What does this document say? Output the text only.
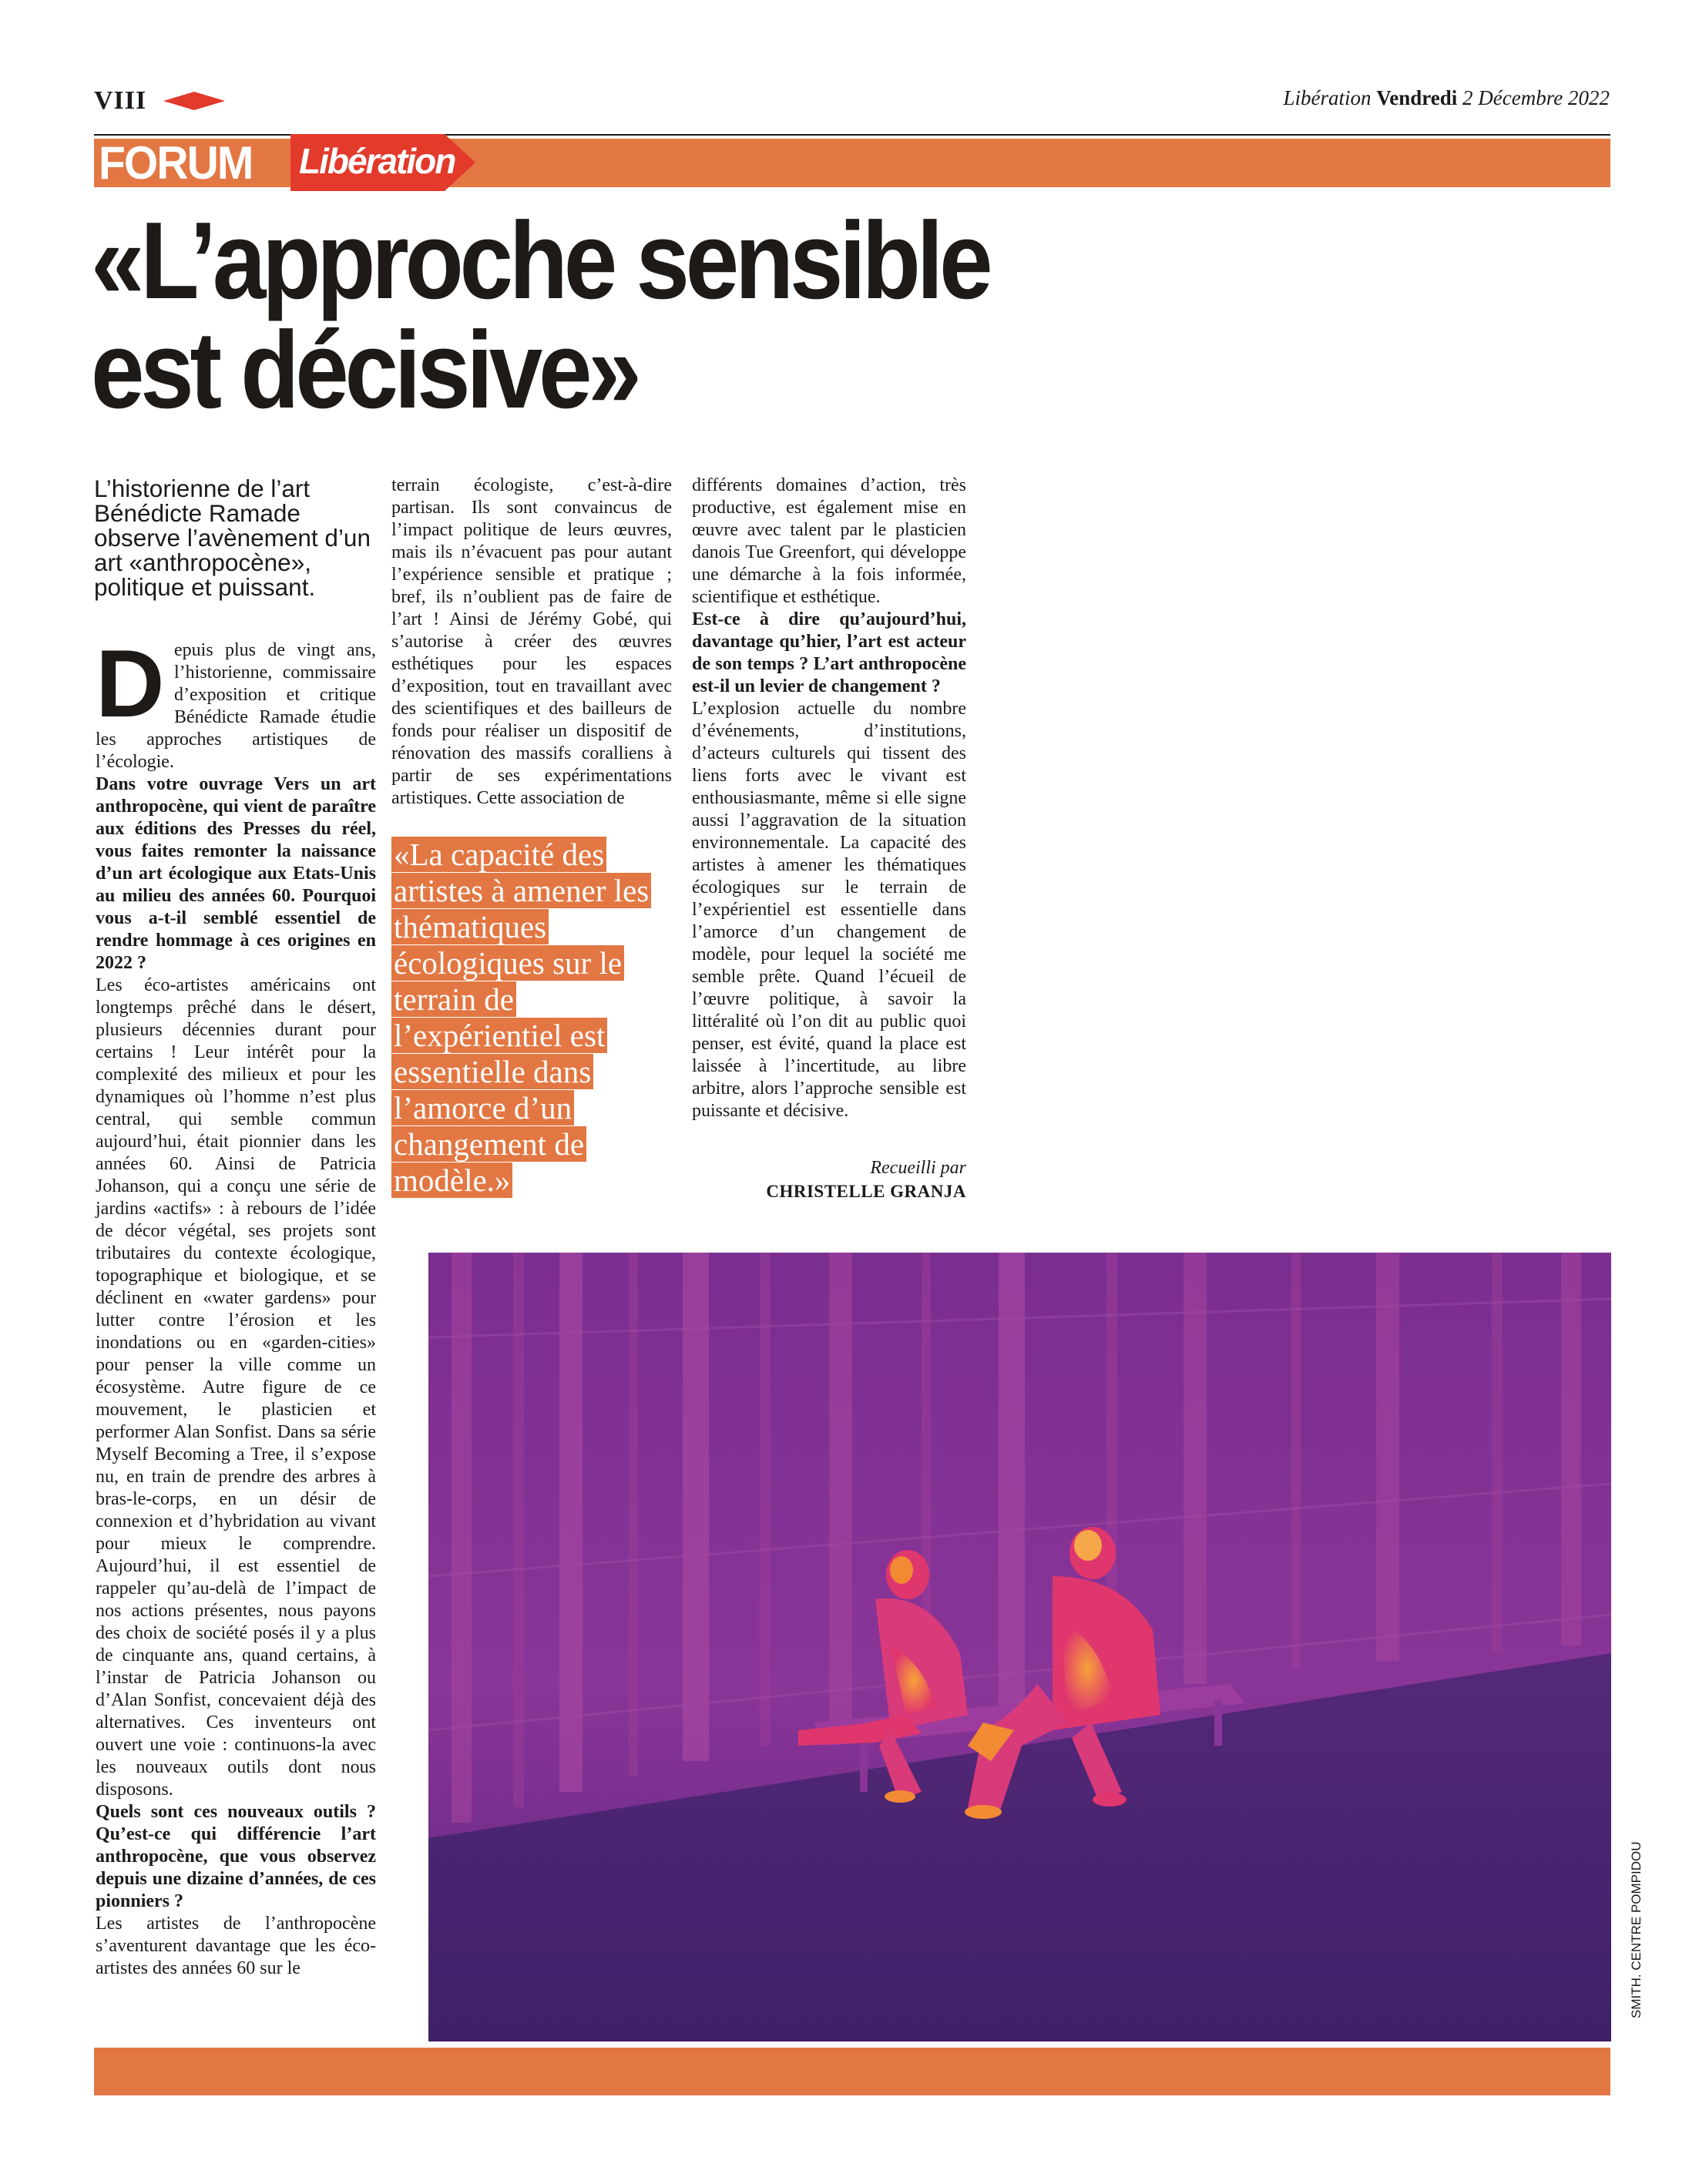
VIII	Libération Vendredi 2 Décembre 2022
FORUM Libération
«L’approche sensible
est décisive»

L’historienne de l’art Bénédicte Ramade observe l’avènement d’un art «anthropocène», politique et puissant.

D epuis plus de vingt ans, l’historienne, commissaire d’exposition et critique Bénédicte Ramade étudie les approches artistiques de l’écologie.

Dans votre ouvrage Vers un art anthropocène, qui vient de paraître aux éditions des Presses du réel, vous faites remonter la naissance d’un art écologique aux Etats-Unis au milieu des années 60. Pourquoi vous a-t-il semblé essentiel de rendre hommage à ces origines en 2022 ?

Les éco-artistes américains ont longtemps prêché dans le désert, plusieurs décennies durant pour certains ! Leur intérêt pour la complexité des milieux et pour les dynamiques où l’homme n’est plus central, qui semble commun aujourd’hui, était pionnier dans les années 60. Ainsi de Patricia Johanson, qui a conçu une série de jardins «actifs» : à rebours de l’idée de décor végétal, ses projets sont tributaires du contexte écologique, topographique et biologique, et se déclinent en «water gardens» pour lutter contre l’érosion et les inondations ou en «garden-cities» pour penser la ville comme un écosystème. Autre figure de ce mouvement, le plasticien et performer Alan Sonfist. Dans sa série Myself Becoming a Tree, il s’expose nu, en train de prendre des arbres à bras-le-corps, en un désir de connexion et d’hybridation au vivant pour mieux le comprendre. Aujourd’hui, il est essentiel de rappeler qu’au-delà de l’impact de nos actions présentes, nous payons des choix de société posés il y a plus de cinquante ans, quand certains, à l’instar de Patricia Johanson ou d’Alan Sonfist, concevaient déjà des alternatives. Ces inventeurs ont ouvert une voie : continuons-la avec les nouveaux outils dont nous disposons.

Quels sont ces nouveaux outils ? Qu’est-ce qui différencie l’art anthropocène, que vous observez depuis une dizaine d’années, de ces pionniers ?

Les artistes de l’anthropocène s’aventurent davantage que les éco-artistes des années 60 sur le

terrain écologiste, c’est-à-dire partisan. Ils sont convaincus de l’impact politique de leurs œuvres, mais ils n’évacuent pas pour autant l’expérience sensible et pratique ; bref, ils n’oublient pas de faire de l’art ! Ainsi de Jérémy Gobé, qui s’autorise à créer des œuvres esthétiques pour les espaces d’exposition, tout en travaillant avec des scientifiques et des bailleurs de fonds pour réaliser un dispositif de rénovation des massifs coralliens à partir de ses expérimentations artistiques. Cette association de

«La capacité des artistes à amener les thématiques écologiques sur le terrain de l’expérientiel est essentielle dans l’amorce d’un changement de modèle.»

différents domaines d’action, très productive, est également mise en œuvre avec talent par le plasticien danois Tue Greenfort, qui développe une démarche à la fois informée, scientifique et esthétique.

Est-ce à dire qu’aujourd’hui, davantage qu’hier, l’art est acteur de son temps ? L’art anthropocène est-il un levier de changement ?

L’explosion actuelle du nombre d’événements, d’institutions, d’acteurs culturels qui tissent des liens forts avec le vivant est enthousiasmante, même si elle signe aussi l’aggravation de la situation environnementale. La capacité des artistes à amener les thématiques écologiques sur le terrain de l’expérientiel est essentielle dans l’amorce d’un changement de modèle, pour lequel la société me semble prête. Quand l’écueil de l’œuvre politique, à savoir la littéralité où l’on dit au public quoi penser, est évité, quand la place est laissée à l’incertitude, au libre arbitre, alors l’approche sensible est puissante et décisive.

Recueilli par
CHRISTELLE GRANJA
SMITH. CENTRE POMPIDOU
